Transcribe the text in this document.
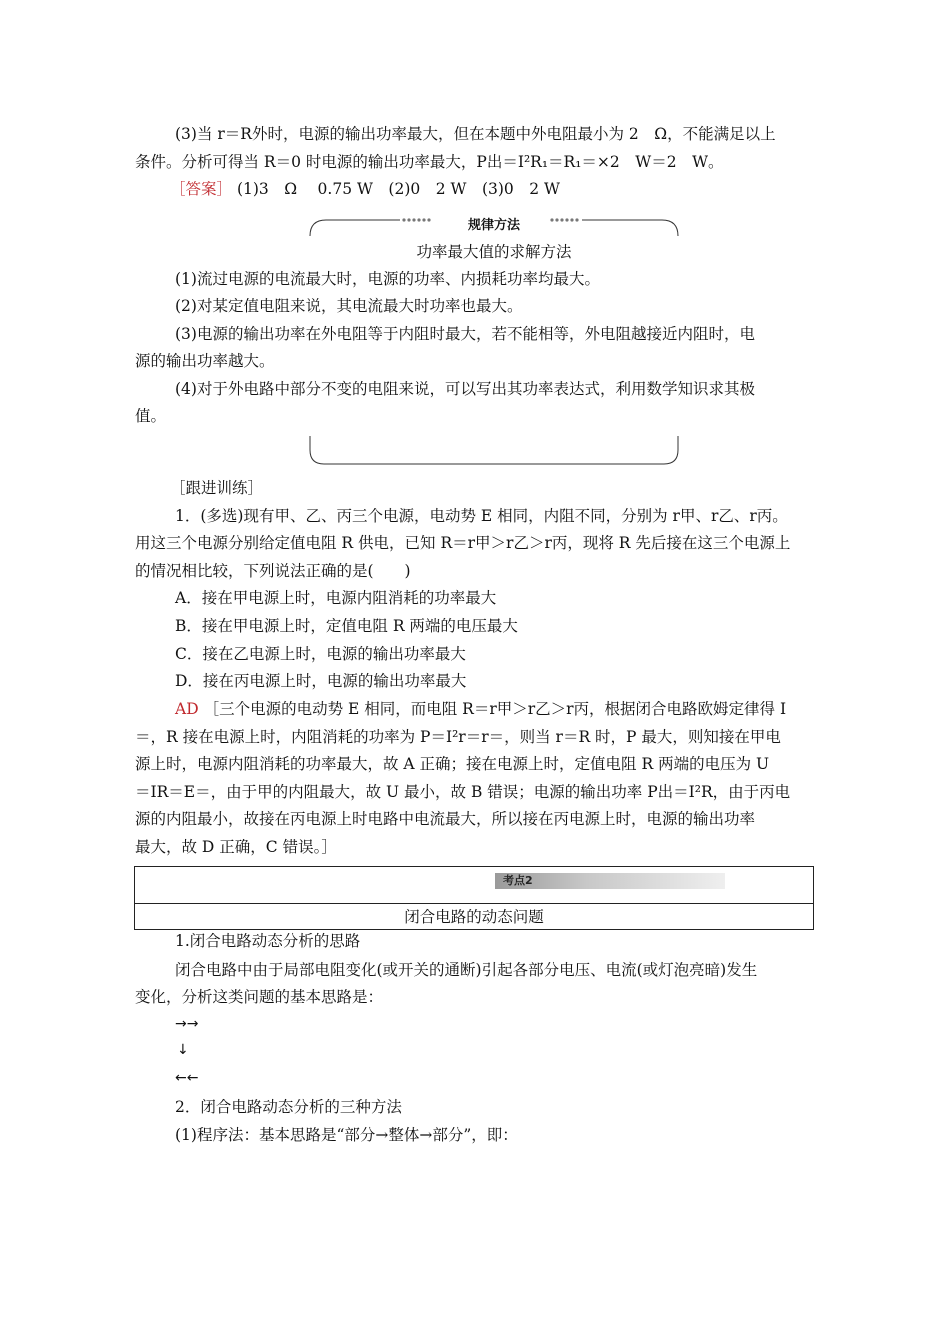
(3)当 r＝R外时，电源的输出功率最大，但在本题中外电阻最小为 2　Ω，不能满足以上
条件。分析可得当 R＝0 时电源的输出功率最大，P出＝I²R₁＝R₁＝×2　W＝2　W。
［答案］ (1)3　Ω　 0.75 W　(2)0　2 W　(3)0　2 W
规律方法
功率最大值的求解方法
(1)流过电源的电流最大时，电源的功率、内损耗功率均最大。
(2)对某定值电阻来说，其电流最大时功率也最大。
(3)电源的输出功率在外电阻等于内阻时最大，若不能相等，外电阻越接近内阻时，电
源的输出功率越大。
(4)对于外电路中部分不变的电阻来说，可以写出其功率表达式，利用数学知识求其极
值。
［跟进训练］
1．(多选)现有甲、乙、丙三个电源，电动势 E 相同，内阻不同，分别为 r甲、r乙、r丙。
用这三个电源分别给定值电阻 R 供电，已知 R＝r甲＞r乙＞r丙，现将 R 先后接在这三个电源上
的情况相比较，下列说法正确的是(　　)
A．接在甲电源上时，电源内阻消耗的功率最大
B．接在甲电源上时，定值电阻 R 两端的电压最大
C．接在乙电源上时，电源的输出功率最大
D．接在丙电源上时，电源的输出功率最大
AD ［三个电源的电动势 E 相同，而电阻 R＝r甲＞r乙＞r丙，根据闭合电路欧姆定律得 I
＝，R 接在电源上时，内阻消耗的功率为 P＝I²r＝r＝，则当 r＝R 时，P 最大，则知接在甲电
源上时，电源内阻消耗的功率最大，故 A 正确；接在电源上时，定值电阻 R 两端的电压为 U
＝IR＝E＝，由于甲的内阻最大，故 U 最小，故 B 错误；电源的输出功率 P出＝I²R，由于丙电
源的内阻最小，故接在丙电源上时电路中电流最大，所以接在丙电源上时，电源的输出功率
最大，故 D 正确，C 错误。］
考点2
闭合电路的动态问题
1.闭合电路动态分析的思路
闭合电路中由于局部电阻变化(或开关的通断)引起各部分电压、电流(或灯泡亮暗)发生
变化，分析这类问题的基本思路是：
→→
↓
←←
2．闭合电路动态分析的三种方法
(1)程序法：基本思路是“部分→整体→部分”，即：
